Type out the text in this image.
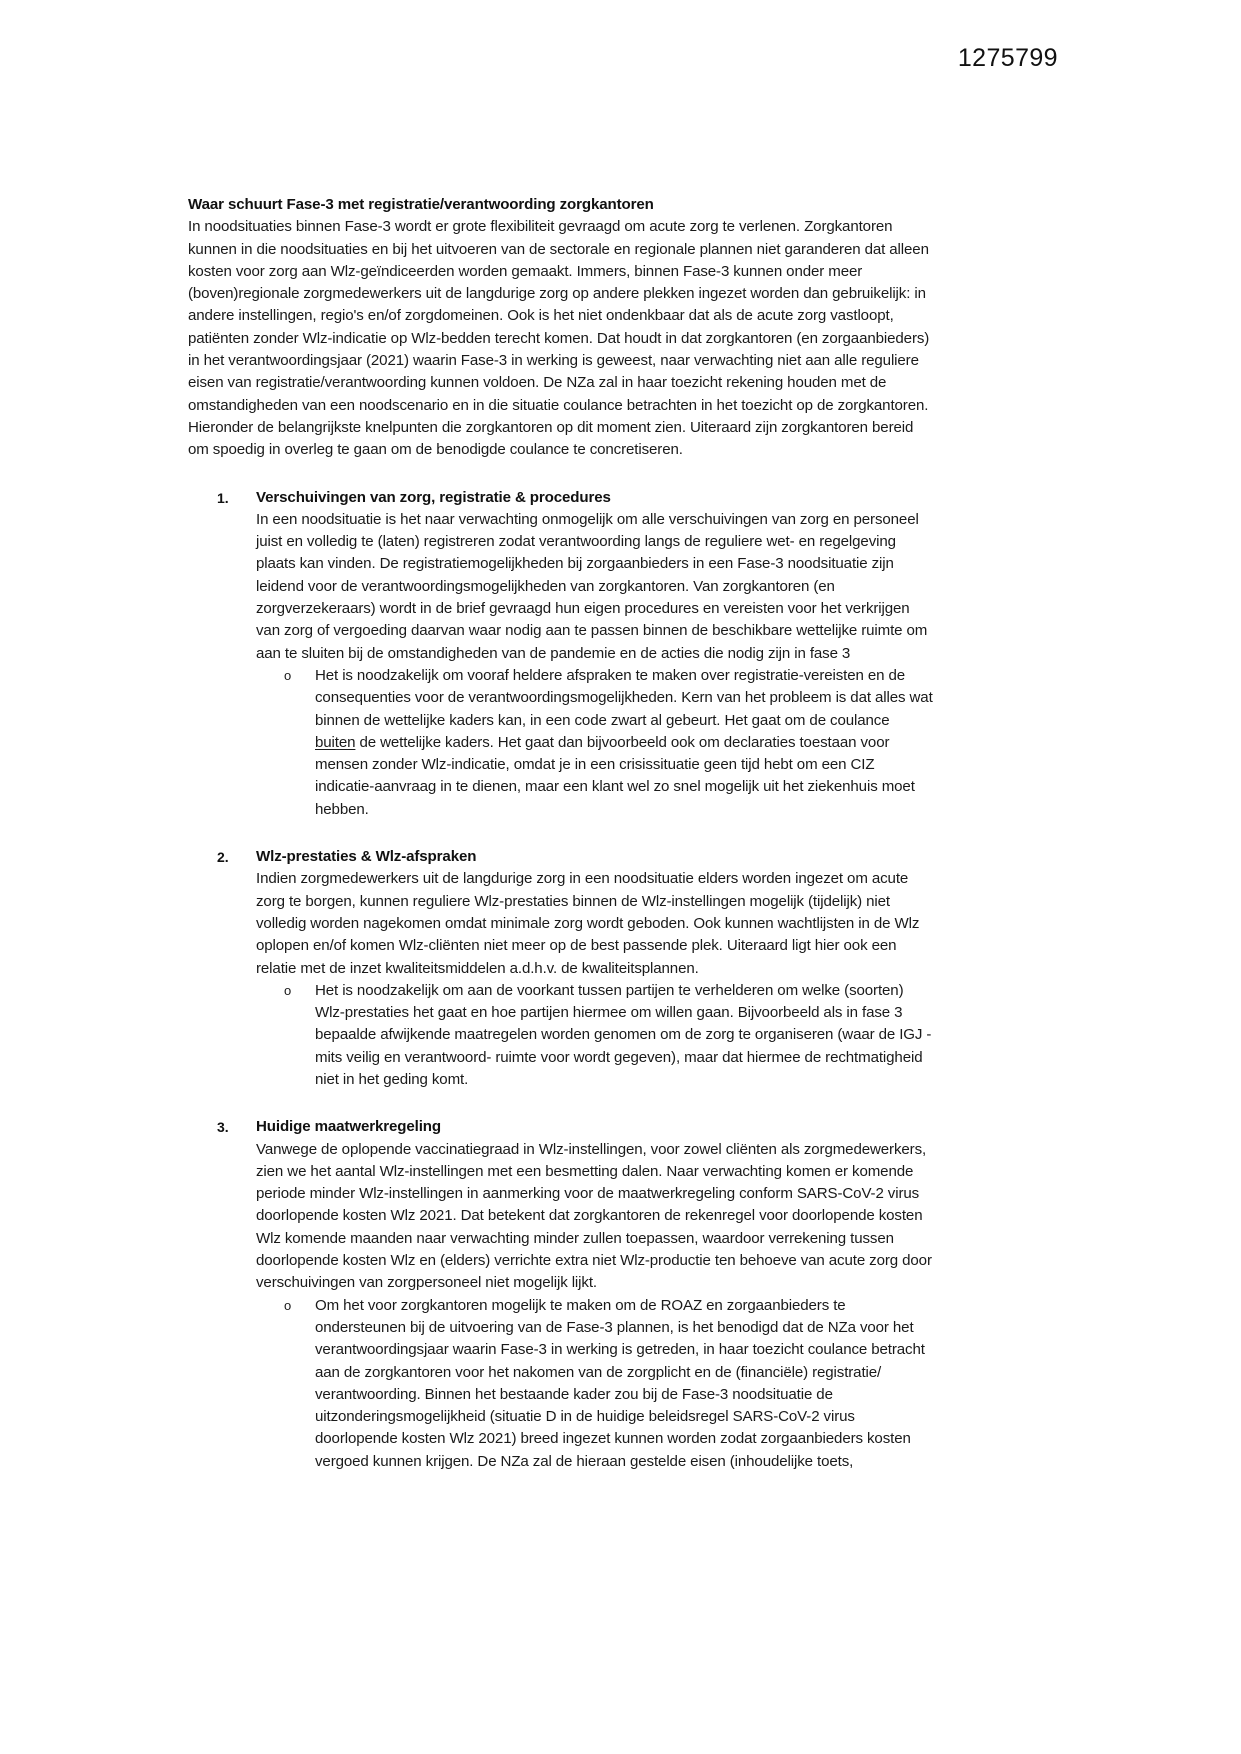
1275799
Waar schuurt Fase-3 met registratie/verantwoording zorgkantoren

In noodsituaties binnen Fase-3 wordt er grote flexibiliteit gevraagd om acute zorg te verlenen. Zorgkantoren kunnen in die noodsituaties en bij het uitvoeren van de sectorale en regionale plannen niet garanderen dat alleen kosten voor zorg aan Wlz-geïndiceerden worden gemaakt. Immers, binnen Fase-3 kunnen onder meer (boven)regionale zorgmedewerkers uit de langdurige zorg op andere plekken ingezet worden dan gebruikelijk: in andere instellingen, regio's en/of zorgdomeinen. Ook is het niet ondenkbaar dat als de acute zorg vastloopt, patiënten zonder Wlz-indicatie op Wlz-bedden terecht komen. Dat houdt in dat zorgkantoren (en zorgaanbieders) in het verantwoordingsjaar (2021) waarin Fase-3 in werking is geweest, naar verwachting niet aan alle reguliere eisen van registratie/verantwoording kunnen voldoen. De NZa zal in haar toezicht rekening houden met de omstandigheden van een noodscenario en in die situatie coulance betrachten in het toezicht op de zorgkantoren. Hieronder de belangrijkste knelpunten die zorgkantoren op dit moment zien. Uiteraard zijn zorgkantoren bereid om spoedig in overleg te gaan om de benodigde coulance te concretiseren.

1. Verschuivingen van zorg, registratie & procedures
In een noodsituatie is het naar verwachting onmogelijk om alle verschuivingen van zorg en personeel juist en volledig te (laten) registreren zodat verantwoording langs de reguliere wet- en regelgeving plaats kan vinden. De registratiemogelijkheden bij zorgaanbieders in een Fase-3 noodsituatie zijn leidend voor de verantwoordingsmogelijkheden van zorgkantoren. Van zorgkantoren (en zorgverzekeraars) wordt in de brief gevraagd hun eigen procedures en vereisten voor het verkrijgen van zorg of vergoeding daarvan waar nodig aan te passen binnen de beschikbare wettelijke ruimte om aan te sluiten bij de omstandigheden van de pandemie en de acties die nodig zijn in fase 3
o Het is noodzakelijk om vooraf heldere afspraken te maken over registratie-vereisten en de consequenties voor de verantwoordingsmogelijkheden. Kern van het probleem is dat alles wat binnen de wettelijke kaders kan, in een code zwart al gebeurt. Het gaat om de coulance buiten de wettelijke kaders. Het gaat dan bijvoorbeeld ook om declaraties toestaan voor mensen zonder Wlz-indicatie, omdat je in een crisissituatie geen tijd hebt om een CIZ indicatie-aanvraag in te dienen, maar een klant wel zo snel mogelijk uit het ziekenhuis moet hebben.
2. Wlz-prestaties & Wlz-afspraken
Indien zorgmedewerkers uit de langdurige zorg in een noodsituatie elders worden ingezet om acute zorg te borgen, kunnen reguliere Wlz-prestaties binnen de Wlz-instellingen mogelijk (tijdelijk) niet volledig worden nagekomen omdat minimale zorg wordt geboden. Ook kunnen wachtlijsten in de Wlz oplopen en/of komen Wlz-cliënten niet meer op de best passende plek. Uiteraard ligt hier ook een relatie met de inzet kwaliteitsmiddelen a.d.h.v. de kwaliteitsplannen.
o Het is noodzakelijk om aan de voorkant tussen partijen te verhelderen om welke (soorten) Wlz-prestaties het gaat en hoe partijen hiermee om willen gaan. Bijvoorbeeld als in fase 3 bepaalde afwijkende maatregelen worden genomen om de zorg te organiseren (waar de IGJ - mits veilig en verantwoord- ruimte voor wordt gegeven), maar dat hiermee de rechtmatigheid niet in het geding komt.
3. Huidige maatwerkregeling
Vanwege de oplopende vaccinatiegraad in Wlz-instellingen, voor zowel cliënten als zorgmedewerkers, zien we het aantal Wlz-instellingen met een besmetting dalen. Naar verwachting komen er komende periode minder Wlz-instellingen in aanmerking voor de maatwerkregeling conform SARS-CoV-2 virus doorlopende kosten Wlz 2021. Dat betekent dat zorgkantoren de rekenregel voor doorlopende kosten Wlz komende maanden naar verwachting minder zullen toepassen, waardoor verrekening tussen doorlopende kosten Wlz en (elders) verrichte extra niet Wlz-productie ten behoeve van acute zorg door verschuivingen van zorgpersoneel niet mogelijk lijkt.
o Om het voor zorgkantoren mogelijk te maken om de ROAZ en zorgaanbieders te ondersteunen bij de uitvoering van de Fase-3 plannen, is het benodigd dat de NZa voor het verantwoordingsjaar waarin Fase-3 in werking is getreden, in haar toezicht coulance betracht aan de zorgkantoren voor het nakomen van de zorgplicht en de (financiële) registratie/ verantwoording. Binnen het bestaande kader zou bij de Fase-3 noodsituatie de uitzonderingsmogelijkheid (situatie D in de huidige beleidsregel SARS-CoV-2 virus doorlopende kosten Wlz 2021) breed ingezet kunnen worden zodat zorgaanbieders kosten vergoed kunnen krijgen. De NZa zal de hieraan gestelde eisen (inhoudelijke toets,
